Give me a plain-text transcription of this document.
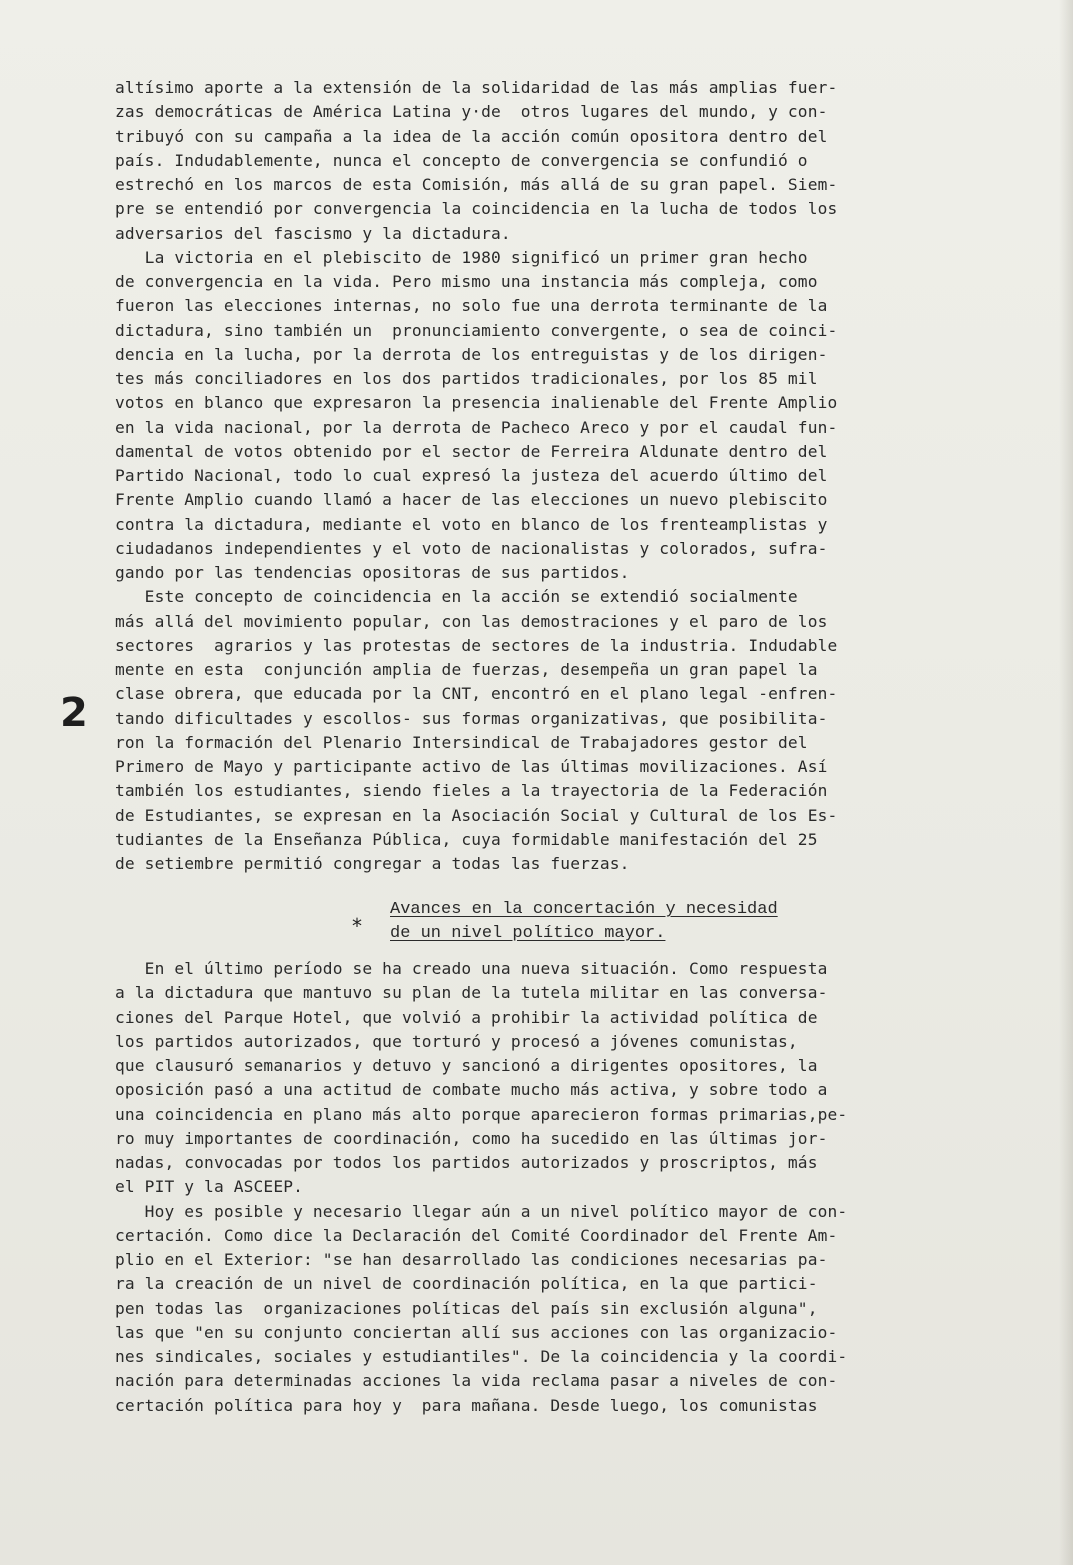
2
altísimo aporte a la extensión de la solidaridad de las más amplias fuer-
zas democráticas de América Latina y·de  otros lugares del mundo, y con-
tribuyó con su campaña a la idea de la acción común opositora dentro del
país. Indudablemente, nunca el concepto de convergencia se confundió o
estrechó en los marcos de esta Comisión, más allá de su gran papel. Siem-
pre se entendió por convergencia la coincidencia en la lucha de todos los
adversarios del fascismo y la dictadura.
La victoria en el plebiscito de 1980 significó un primer gran hecho
de convergencia en la vida. Pero mismo una instancia más compleja, como
fueron las elecciones internas, no solo fue una derrota terminante de la
dictadura, sino también un  pronunciamiento convergente, o sea de coinci-
dencia en la lucha, por la derrota de los entreguistas y de los dirigen-
tes más conciliadores en los dos partidos tradicionales, por los 85 mil
votos en blanco que expresaron la presencia inalienable del Frente Amplio
en la vida nacional, por la derrota de Pacheco Areco y por el caudal fun-
damental de votos obtenido por el sector de Ferreira Aldunate dentro del
Partido Nacional, todo lo cual expresó la justeza del acuerdo último del
Frente Amplio cuando llamó a hacer de las elecciones un nuevo plebiscito
contra la dictadura, mediante el voto en blanco de los frenteamplistas y
ciudadanos independientes y el voto de nacionalistas y colorados, sufra-
gando por las tendencias opositoras de sus partidos.
Este concepto de coincidencia en la acción se extendió socialmente
más allá del movimiento popular, con las demostraciones y el paro de los
sectores  agrarios y las protestas de sectores de la industria. Indudable
mente en esta  conjunción amplia de fuerzas, desempeña un gran papel la
clase obrera, que educada por la CNT, encontró en el plano legal -enfren-
tando dificultades y escollos- sus formas organizativas, que posibilita-
ron la formación del Plenario Intersindical de Trabajadores gestor del
Primero de Mayo y participante activo de las últimas movilizaciones. Así
también los estudiantes, siendo fieles a la trayectoria de la Federación
de Estudiantes, se expresan en la Asociación Social y Cultural de los Es-
tudiantes de la Enseñanza Pública, cuya formidable manifestación del 25
de setiembre permitió congregar a todas las fuerzas.
*
Avances en la concertación y necesidad
de un nivel político mayor.
En el último período se ha creado una nueva situación. Como respuesta
a la dictadura que mantuvo su plan de la tutela militar en las conversa-
ciones del Parque Hotel, que volvió a prohibir la actividad política de
los partidos autorizados, que torturó y procesó a jóvenes comunistas,
que clausuró semanarios y detuvo y sancionó a dirigentes opositores, la
oposición pasó a una actitud de combate mucho más activa, y sobre todo a
una coincidencia en plano más alto porque aparecieron formas primarias,pe-
ro muy importantes de coordinación, como ha sucedido en las últimas jor-
nadas, convocadas por todos los partidos autorizados y proscriptos, más
el PIT y la ASCEEP.
Hoy es posible y necesario llegar aún a un nivel político mayor de con-
certación. Como dice la Declaración del Comité Coordinador del Frente Am-
plio en el Exterior: "se han desarrollado las condiciones necesarias pa-
ra la creación de un nivel de coordinación política, en la que partici-
pen todas las  organizaciones políticas del país sin exclusión alguna",
las que "en su conjunto conciertan allí sus acciones con las organizacio-
nes sindicales, sociales y estudiantiles". De la coincidencia y la coordi-
nación para determinadas acciones la vida reclama pasar a niveles de con-
certación política para hoy y  para mañana. Desde luego, los comunistas
